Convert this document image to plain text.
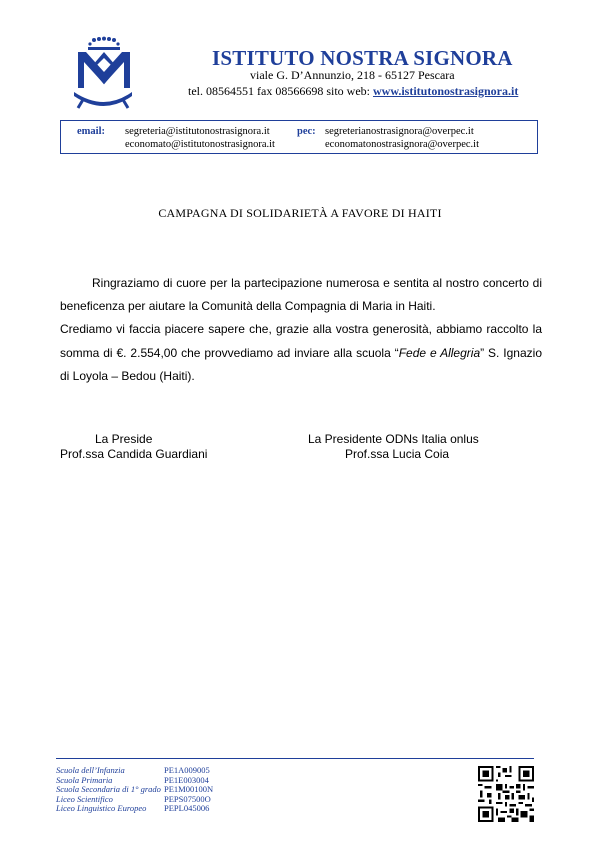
ISTITUTO NOSTRA SIGNORA
viale G. D’Annunzio, 218 - 65127 Pescara
tel. 08564551 fax 08566698 sito web: www.istitutonostrasignora.it
email: segreteria@istitutonostrasignora.it
economato@istitutonostrasignora.it
pec: segreterianostrasignora@overpec.it
economatonostrasignora@overpec.it
CAMPAGNA DI SOLIDARIETÀ A FAVORE DI HAITI

Ringraziamo di cuore per la partecipazione numerosa e sentita al nostro concerto di beneficenza per aiutare la Comunità della Compagnia di Maria in Haiti.

Crediamo vi faccia piacere sapere che, grazie alla vostra generosità, abbiamo raccolto la somma di €. 2.554,00 che provvediamo ad inviare alla scuola “Fede e Allegria” S. Ignazio di Loyola – Bedou (Haiti).

La Preside
Prof.ssa Candida Guardiani
La Presidente ODNs Italia onlus
Prof.ssa Lucia Coia
Scuola dell’Infanzia	PE1A009005
Scuola Primaria	PE1E003004
Scuola Secondaria di 1° grado PE1M00100N
Liceo Scientifico	PEPS07500O
Liceo Linguistico Europeo	PEPL045006
